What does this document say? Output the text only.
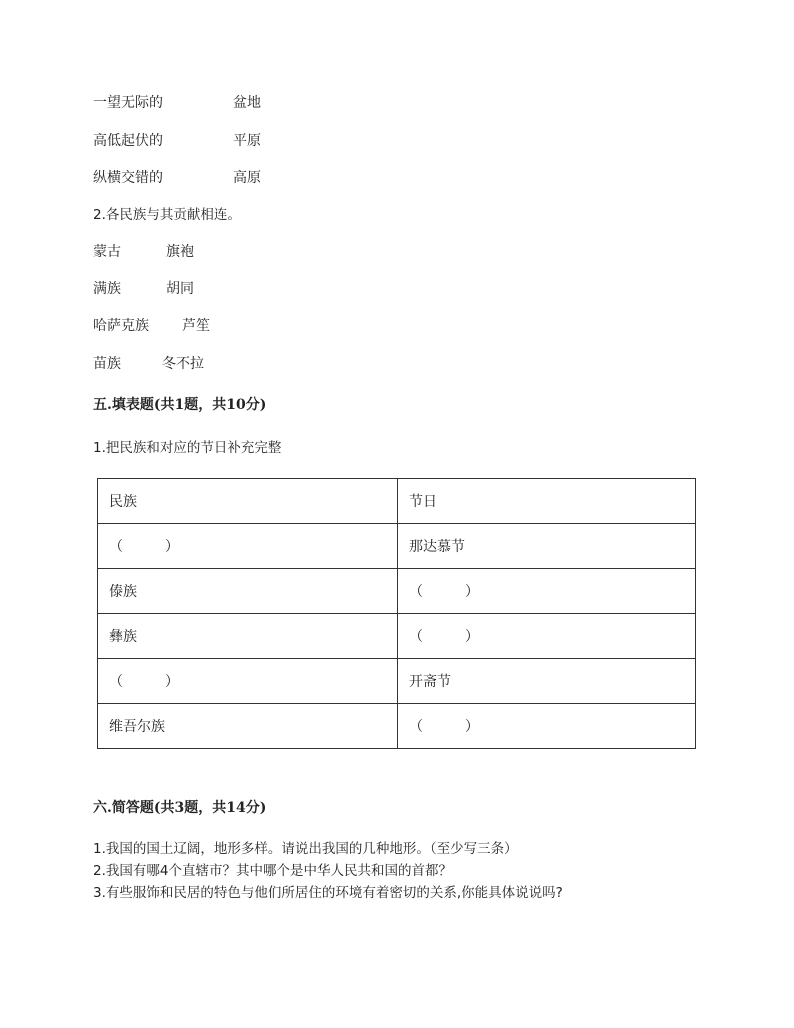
一望无际的	盆地
高低起伏的	平原
纵横交错的	高原
2.各民族与其贡献相连。
蒙古	旗袍
满族	胡同
哈萨克族 芦笙
苗族	冬不拉
五.填表题(共1题，共10分)
1.把民族和对应的节日补充完整
民族	节日
（　　　）	那达慕节
傣族	（　　　）
彝族	（　　　）
（　　　）	开斋节
维吾尔族	（　　　）
六.简答题(共3题，共14分)
1.我国的国土辽阔，地形多样。请说出我国的几种地形。（至少写三条）
2.我国有哪4个直辖市？其中哪个是中华人民共和国的首都？
3.有些服饰和民居的特色与他们所居住的环境有着密切的关系,你能具体说说吗?
